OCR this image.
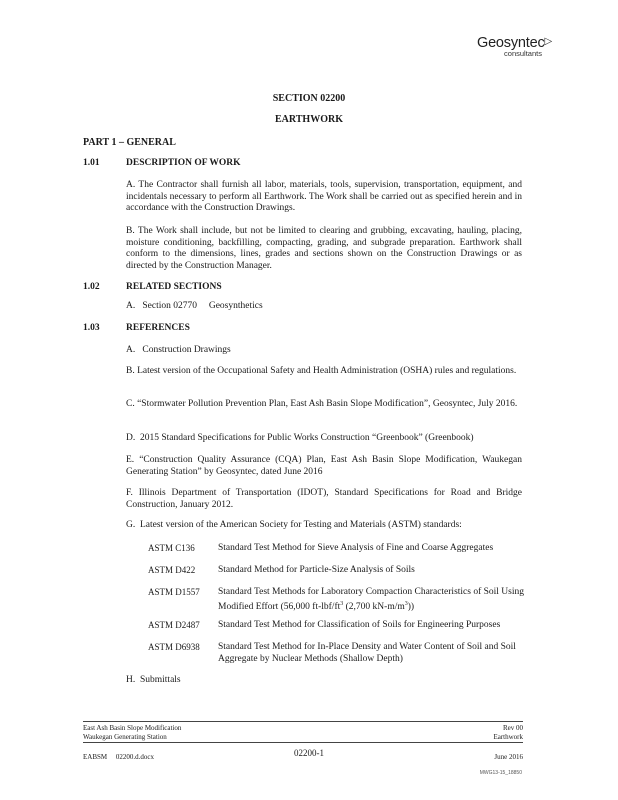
Geosyntec▷
consultants
SECTION 02200
EARTHWORK
PART 1 – GENERAL
1.01	DESCRIPTION OF WORK
A. The Contractor shall furnish all labor, materials, tools, supervision, transportation, equipment, and incidentals necessary to perform all Earthwork. The Work shall be carried out as specified herein and in accordance with the Construction Drawings.
B. The Work shall include, but not be limited to clearing and grubbing, excavating, hauling, placing, moisture conditioning, backfilling, compacting, grading, and subgrade preparation. Earthwork shall conform to the dimensions, lines, grades and sections shown on the Construction Drawings or as directed by the Construction Manager.
1.02	RELATED SECTIONS
A.   Section 02770     Geosynthetics
1.03	REFERENCES
A.   Construction Drawings
B. Latest version of the Occupational Safety and Health Administration (OSHA) rules and regulations.
C. “Stormwater Pollution Prevention Plan, East Ash Basin Slope Modification”, Geosyntec, July 2016.
D.  2015 Standard Specifications for Public Works Construction “Greenbook” (Greenbook)
E. “Construction Quality Assurance (CQA) Plan, East Ash Basin Slope Modification, Waukegan Generating Station” by Geosyntec, dated June 2016
F. Illinois Department of Transportation (IDOT), Standard Specifications for Road and Bridge Construction, January 2012.
G.  Latest version of the American Society for Testing and Materials (ASTM) standards:
ASTM C136 Standard Test Method for Sieve Analysis of Fine and Coarse Aggregates
ASTM D422 Standard Method for Particle-Size Analysis of Soils
ASTM D1557 Standard Test Methods for Laboratory Compaction Characteristics of Soil Using Modified Effort (56,000 $ft-lbf/ft^3$ (2,700 $kN-m/m^3$))
ASTM D2487 Standard Test Method for Classification of Soils for Engineering Purposes
ASTM D6938 Standard Test Method for In-Place Density and Water Content of Soil and Soil Aggregate by Nuclear Methods (Shallow Depth)
H.  Submittals
East Ash Basin Slope Modification
Waukegan Generating Station
Rev 00
Earthwork
EABSM     02200.d.docx	02200-1	June 2016
MWG13-15_18850
